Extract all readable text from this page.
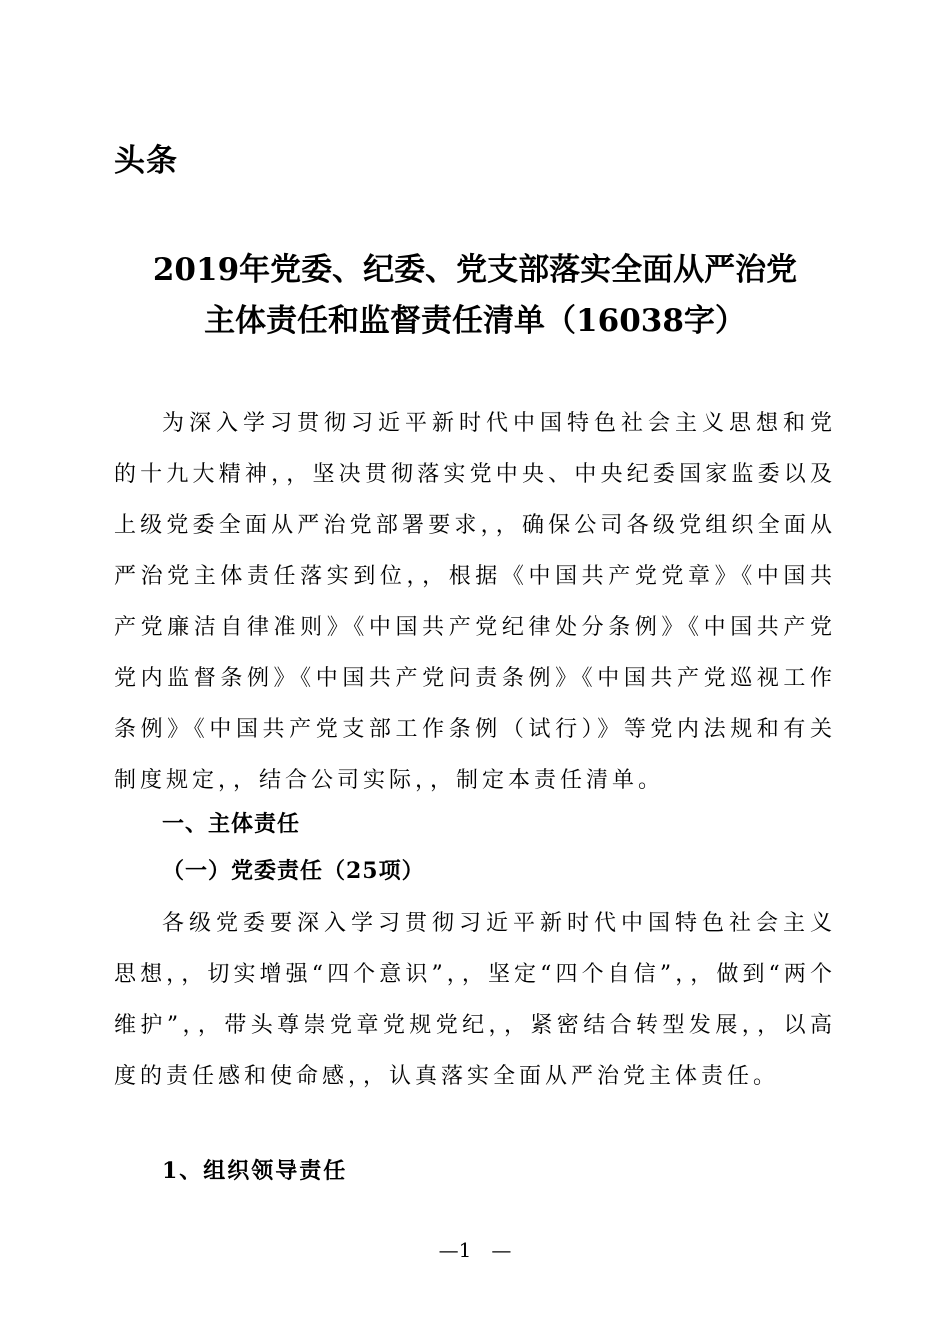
头条

2019年党委、纪委、党支部落实全面从严治党
主体责任和监督责任清单（16038字）

为深入学习贯彻习近平新时代中国特色社会主义思想和党的十九大精神，，坚决贯彻落实党中央、中央纪委国家监委以及上级党委全面从严治党部署要求，，确保公司各级党组织全面从严治党主体责任落实到位，，根据《中国共产党党章》《中国共产党廉洁自律准则》《中国共产党纪律处分条例》《中国共产党党内监督条例》《中国共产党问责条例》《中国共产党巡视工作条例》《中国共产党支部工作条例（试行）》等党内法规和有关制度规定，，结合公司实际，，制定本责任清单。

一、主体责任
（一）党委责任（25项）

各级党委要深入学习贯彻习近平新时代中国特色社会主义思想，，切实增强“四个意识”，，坚定“四个自信”，，做到“两个维护”，，带头尊崇党章党规党纪，，紧密结合转型发展，，以高度的责任感和使命感，，认真落实全面从严治党主体责任。

1、组织领导责任

—1　—
